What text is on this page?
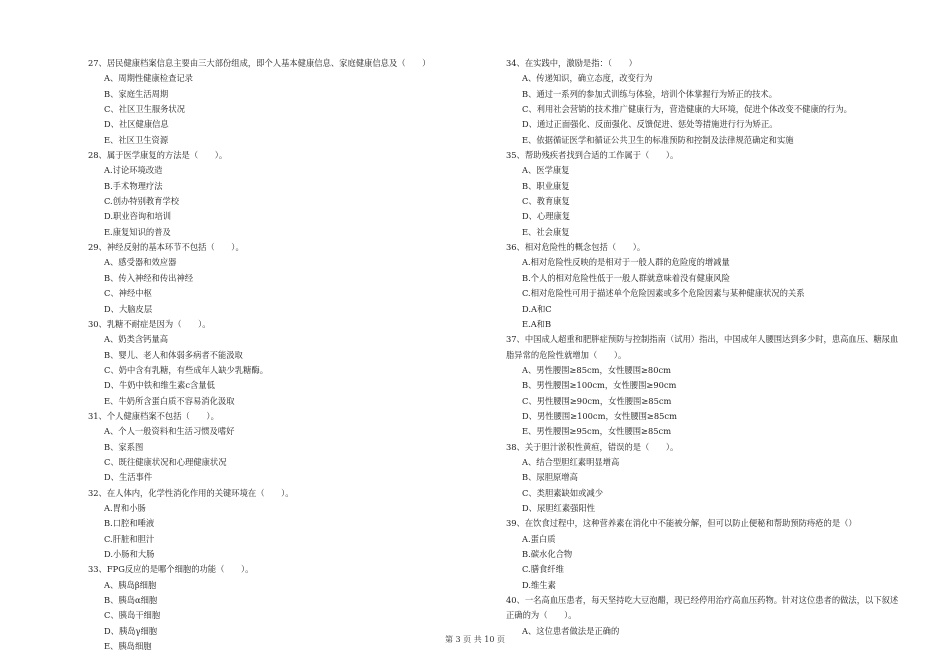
27、居民健康档案信息主要由三大部份组成，即个人基本健康信息、家庭健康信息及（　　）

A、周期性健康检查记录

B、家庭生活周期

C、社区卫生服务状况

D、社区健康信息

E、社区卫生资源

28、属于医学康复的方法是（　　）。

A.讨论环境改造

B.手术物理疗法

C.创办特别教育学校

D.职业咨询和培训

E.康复知识的普及

29、神经反射的基本环节不包括（　　）。

A、感受器和效应器

B、传入神经和传出神经

C、神经中枢

D、大脑皮层

30、乳糖不耐症是因为（　　）。

A、奶类含钙量高

B、婴儿、老人和体弱多病者不能汲取

C、奶中含有乳糖，有些成年人缺少乳糖酶。

D、牛奶中铁和维生素c含量低

E、牛奶所含蛋白质不容易消化汲取

31、个人健康档案不包括（　　）。

A、个人一般资料和生活习惯及嗜好

B、家系图

C、既往健康状况和心理健康状况

D、生活事件

32、在人体内，化学性消化作用的关键环境在（　　）。

A.胃和小肠

B.口腔和唾液

C.肝脏和胆汁

D.小肠和大肠

33、FPG反应的是哪个细胞的功能（　　）。

A、胰岛β细胞

B、胰岛α细胞

C、胰岛干细胞

D、胰岛γ细胞

E、胰岛细胞

34、在实践中，激励是指：（　　）

A、传递知识，确立态度，改变行为

B、通过一系列的参加式训练与体验，培训个体掌握行为矫正的技术。

C、利用社会营销的技术推广健康行为，营造健康的大环境，促进个体改变不健康的行为。

D、通过正面强化、反面强化、反馈促进、惩处等措施进行行为矫正。

E、依据循证医学和循证公共卫生的标准预防和控制及法律规范确定和实施

35、帮助残疾者找到合适的工作属于（　　）。

A、医学康复

B、职业康复

C、教育康复

D、心理康复

E、社会康复

36、相对危险性的概念包括（　　）。

A.相对危险性反映的是相对于一般人群的危险度的增减量

B.个人的相对危险性低于一般人群就意味着没有健康风险

C.相对危险性可用于描述单个危险因素或多个危险因素与某种健康状况的关系

D.A和C

E.A和B

37、中国成人超重和肥胖症预防与控制指南（试用）指出，中国成年人腰围达到多少时，患高血压、糖尿血脂异常的危险性就增加（　　）。

A、男性腰围≥85cm，女性腰围≥80cm

B、男性腰围≥100cm，女性腰围≥90cm

C、男性腰围≥90cm，女性腰围≥85cm

D、男性腰围≥100cm，女性腰围≥85cm

E、男性腰围≥95cm，女性腰围≥85cm

38、关于胆汁淤积性黄疸，错误的是（　　）。

A、结合型胆红素明显增高

B、尿胆原增高

C、类胆素缺如或减少

D、尿胆红素强阳性

39、在饮食过程中，这种营养素在消化中不能被分解，但可以防止便秘和帮助预防痔疮的是（）

A.蛋白质

B.碳水化合物

C.膳食纤维

D.维生素

40、一名高血压患者，每天坚持吃大豆泡醋，现已经停用治疗高血压药物。针对这位患者的做法，以下叙述正确的为（　　）。

A、这位患者做法是正确的

第 3 页 共 10 页
